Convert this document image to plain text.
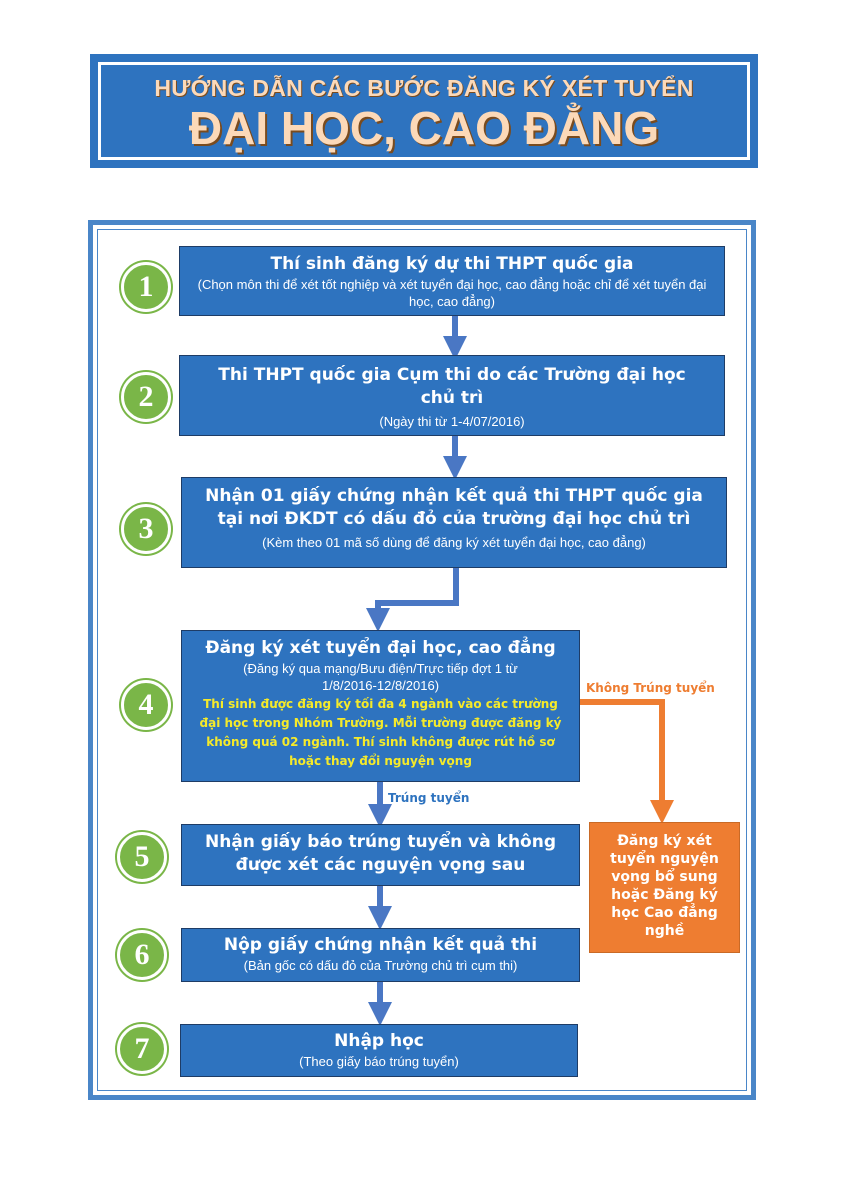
HƯỚNG DẪN CÁC BƯỚC ĐĂNG KÝ XÉT TUYỂN
ĐẠI HỌC, CAO ĐẲNG
1
2
3
4
5
6
7
Thí sinh đăng ký dự thi THPT quốc gia
(Chọn môn thi để xét tốt nghiệp và xét tuyển đại học, cao đẳng hoặc chỉ để xét tuyển đại học, cao đẳng)
Thi THPT quốc gia Cụm thi do các Trường đại học chủ trì
(Ngày thi từ 1-4/07/2016)
Nhận 01 giấy chứng nhận kết quả thi THPT quốc gia tại nơi ĐKDT có dấu đỏ của trường đại học chủ trì
(Kèm theo 01 mã số dùng để đăng ký xét tuyển đại học, cao đẳng)
Đăng ký xét tuyển đại học, cao đẳng
(Đăng ký qua mạng/Bưu điện/Trực tiếp đợt 1 từ 1/8/2016-12/8/2016)
Thí sinh được đăng ký tối đa 4 ngành vào các trường đại học trong Nhóm Trường. Mỗi trường được đăng ký không quá 02 ngành. Thí sinh không được rút hồ sơ hoặc thay đổi nguyện vọng
Nhận giấy báo trúng tuyển và không được xét các nguyện vọng sau
Nộp giấy chứng nhận kết quả thi
(Bản gốc có dấu đỏ của Trường chủ trì cụm thi)
Nhập học
(Theo giấy báo trúng tuyển)
Không Trúng tuyển
Trúng tuyển
Đăng ký xét tuyển nguyện vọng bổ sung hoặc Đăng ký học Cao đẳng nghề
